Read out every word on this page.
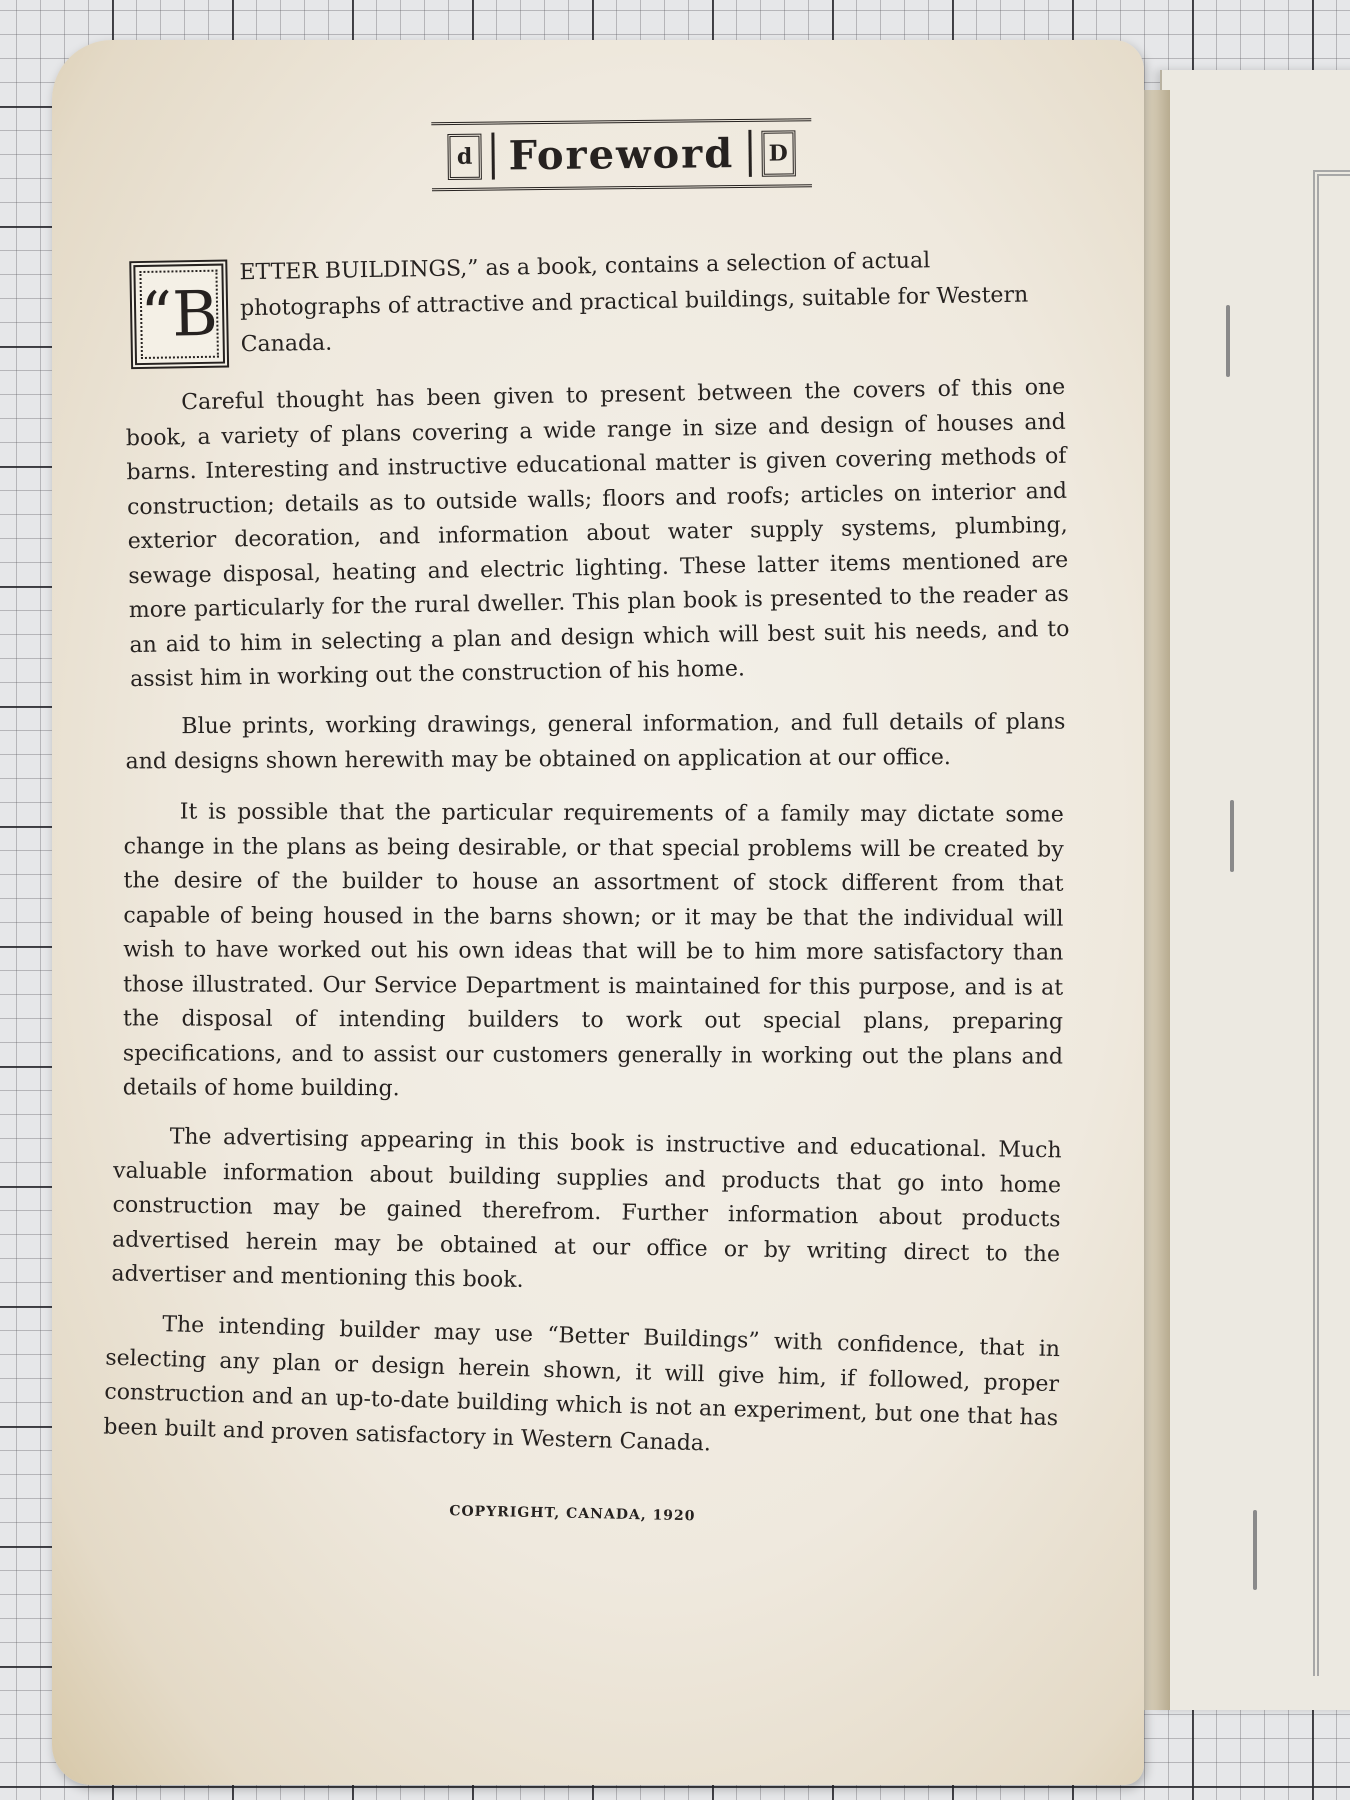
d Foreword	D
“B
ETTER BUILDINGS,” as a book, contains a selection of actual photographs of attractive and practical buildings, suitable for Western Canada.

Careful thought has been given to present between the covers of this one book, a variety of plans covering a wide range in size and design of houses and barns. Interesting and instructive educational matter is given covering methods of construction; details as to outside walls; floors and roofs; articles on interior and exterior decoration, and information about water supply systems, plumbing, sewage disposal, heating and electric lighting. These latter items mentioned are more particularly for the rural dweller. This plan book is presented to the reader as an aid to him in selecting a plan and design which will best suit his needs, and to assist him in working out the construction of his home.

Blue prints, working drawings, general information, and full details of plans and designs shown herewith may be obtained on application at our office.

It is possible that the particular requirements of a family may dictate some change in the plans as being desirable, or that special problems will be created by the desire of the builder to house an assortment of stock different from that capable of being housed in the barns shown; or it may be that the individual will wish to have worked out his own ideas that will be to him more satisfactory than those illustrated. Our Service Department is maintained for this purpose, and is at the disposal of intending builders to work out special plans, preparing specifications, and to assist our customers generally in working out the plans and details of home building.

The advertising appearing in this book is instructive and educational. Much valuable information about building supplies and products that go into home construction may be gained therefrom. Further information about products advertised herein may be obtained at our office or by writing direct to the advertiser and mentioning this book.

The intending builder may use “Better Buildings” with confidence, that in selecting any plan or design herein shown, it will give him, if followed, proper construction and an up-to-date building which is not an experiment, but one that has been built and proven satisfactory in Western Canada.

COPYRIGHT, CANADA, 1920
